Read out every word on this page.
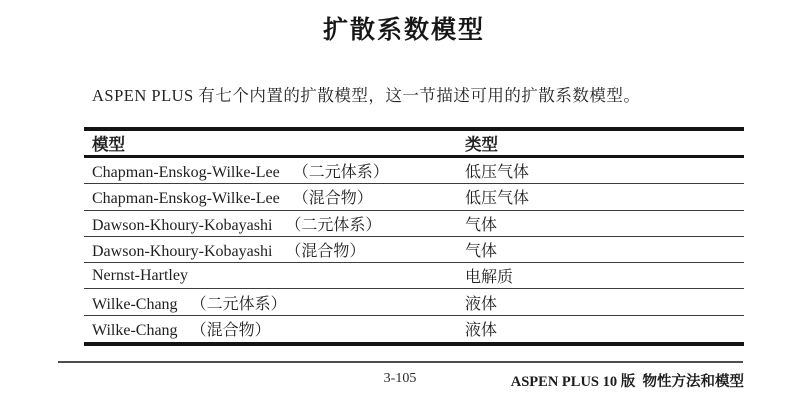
扩散系数模型
ASPEN PLUS 有七个内置的扩散模型，这一节描述可用的扩散系数模型。
模型	类型
Chapman-Enskog-Wilke-Lee （二元体系）	低压气体
Chapman-Enskog-Wilke-Lee （混合物）	低压气体
Dawson-Khoury-Kobayashi （二元体系）	气体
Dawson-Khoury-Kobayashi （混合物）	气体
Nernst-Hartley	电解质
Wilke-Chang （二元体系）	液体
Wilke-Chang （混合物）	液体
3-105	ASPEN PLUS 10 版  物性方法和模型
